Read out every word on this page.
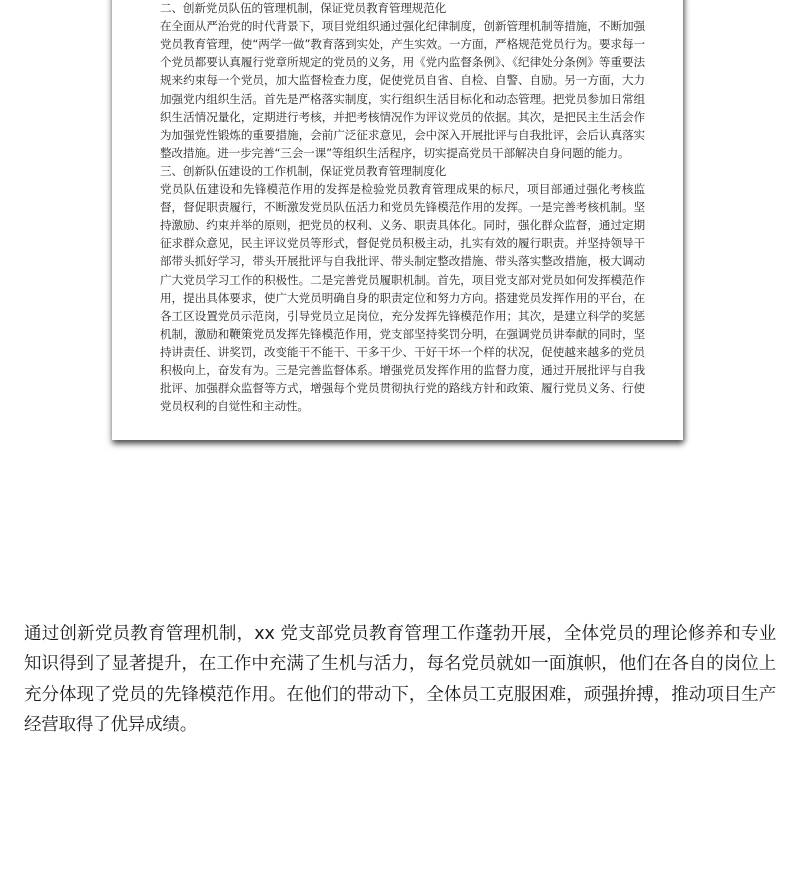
二、创新党员队伍的管理机制，保证党员教育管理规范化

在全面从严治党的时代背景下，项目党组织通过强化纪律制度，创新管理机制等措施，不断加强党员教育管理，使“两学一做”教育落到实处，产生实效。一方面，严格规范党员行为。要求每一个党员都要认真履行党章所规定的党员的义务，用《党内监督条例》、《纪律处分条例》等重要法规来约束每一个党员，加大监督检查力度，促使党员自省、自检、自警、自励。另一方面，大力加强党内组织生活。首先是严格落实制度，实行组织生活目标化和动态管理。把党员参加日常组织生活情况量化，定期进行考核，并把考核情况作为评议党员的依据。其次，是把民主生活会作为加强党性锻炼的重要措施，会前广泛征求意见，会中深入开展批评与自我批评，会后认真落实整改措施。进一步完善“三会一课”等组织生活程序，切实提高党员干部解决自身问题的能力。

三、创新队伍建设的工作机制，保证党员教育管理制度化

党员队伍建设和先锋模范作用的发挥是检验党员教育管理成果的标尺，项目部通过强化考核监督，督促职责履行，不断激发党员队伍活力和党员先锋模范作用的发挥。一是完善考核机制。坚持激励、约束并举的原则，把党员的权利、义务、职责具体化。同时，强化群众监督，通过定期征求群众意见，民主评议党员等形式，督促党员积极主动，扎实有效的履行职责。并坚持领导干部带头抓好学习，带头开展批评与自我批评、带头制定整改措施、带头落实整改措施，极大调动广大党员学习工作的积极性。二是完善党员履职机制。首先，项目党支部对党员如何发挥模范作用，提出具体要求，使广大党员明确自身的职责定位和努力方向。搭建党员发挥作用的平台，在各工区设置党员示范岗，引导党员立足岗位，充分发挥先锋模范作用；其次，是建立科学的奖惩机制，激励和鞭策党员发挥先锋模范作用，党支部坚持奖罚分明，在强调党员讲奉献的同时，坚持讲责任、讲奖罚，改变能干不能干、干多干少、干好干坏一个样的状况，促使越来越多的党员积极向上，奋发有为。三是完善监督体系。增强党员发挥作用的监督力度，通过开展批评与自我批评、加强群众监督等方式，增强每个党员贯彻执行党的路线方针和政策、履行党员义务、行使党员权利的自觉性和主动性。

通过创新党员教育管理机制，xx 党支部党员教育管理工作蓬勃开展，全体党员的理论修养和专业知识得到了显著提升，在工作中充满了生机与活力，每名党员就如一面旗帜，他们在各自的岗位上充分体现了党员的先锋模范作用。在他们的带动下，全体员工克服困难，顽强拚搏，推动项目生产经营取得了优异成绩。
